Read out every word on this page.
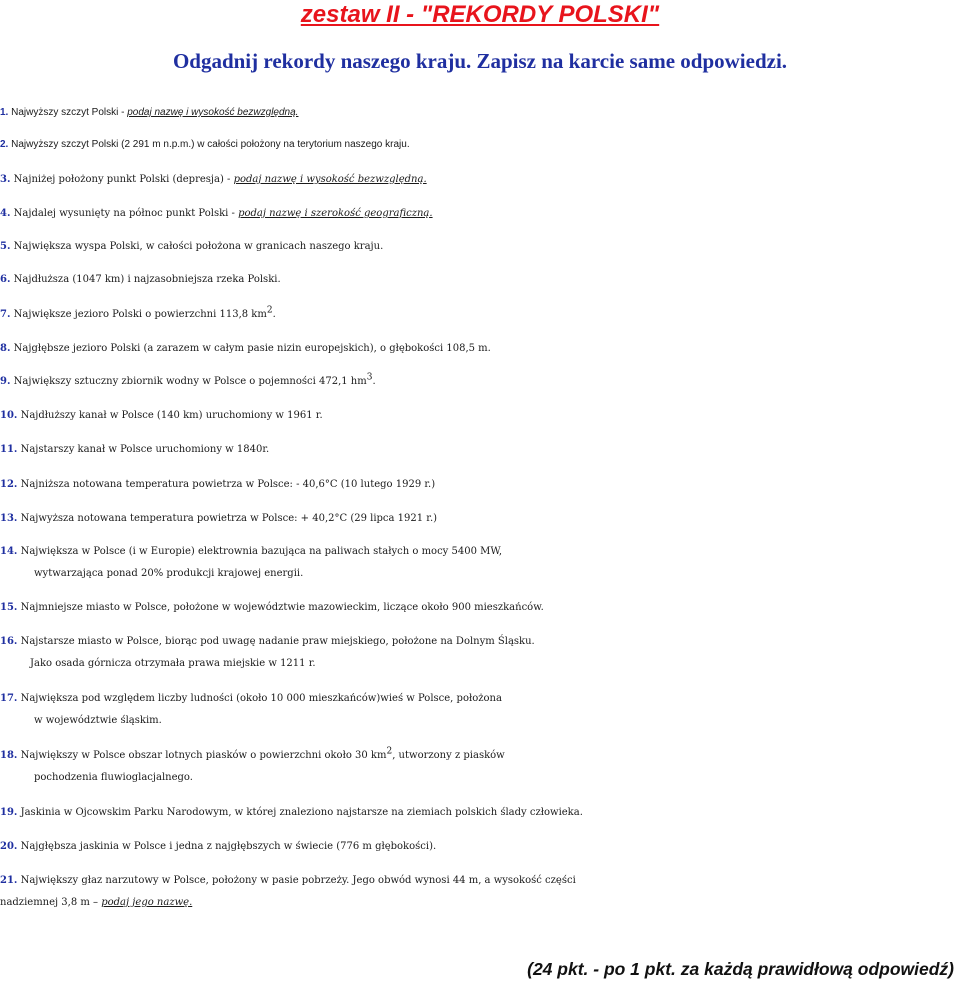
zestaw II - "REKORDY POLSKI"
Odgadnij rekordy naszego kraju. Zapisz na karcie same odpowiedzi.

1. Najwyższy szczyt Polski - podaj nazwę i wysokość bezwzględną.

2. Najwyższy szczyt Polski (2 291 m n.p.m.) w całości położony na terytorium naszego kraju.

3. Najniżej położony punkt Polski (depresja) - podaj nazwę i wysokość bezwzględną.

4. Najdalej wysunięty na północ punkt Polski - podaj nazwę i szerokość geograficzną.

5. Największa wyspa Polski, w całości położona w granicach naszego kraju.

6. Najdłuższa (1047 km) i najzasobniejsza rzeka Polski.

7. Największe jezioro Polski o powierzchni 113,8 $km^2$.

8. Najgłębsze jezioro Polski (a zarazem w całym pasie nizin europejskich), o głębokości 108,5 m.

9. Największy sztuczny zbiornik wodny w Polsce o pojemności 472,1 $hm^3$.

10. Najdłuższy kanał w Polsce (140 km) uruchomiony w 1961 r.

11. Najstarszy kanał w Polsce uruchomiony w 1840r.

12. Najniższa notowana temperatura powietrza w Polsce: - 40,6°C (10 lutego 1929 r.)

13. Najwyższa notowana temperatura powietrza w Polsce: + 40,2°C (29 lipca 1921 r.)

14. Największa w Polsce (i w Europie) elektrownia bazująca na paliwach stałych o mocy 5400 MW,
wytwarzająca ponad 20% produkcji krajowej energii.

15. Najmniejsze miasto w Polsce, położone w województwie mazowieckim, liczące około 900 mieszkańców.

16. Najstarsze miasto w Polsce, biorąc pod uwagę nadanie praw miejskiego, położone na Dolnym Śląsku.
Jako osada górnicza otrzymała prawa miejskie w 1211 r.

17. Największa pod względem liczby ludności (około 10 000 mieszkańców)wieś w Polsce, położona
w województwie śląskim.

18. Największy w Polsce obszar lotnych piasków o powierzchni około 30 $km^2$, utworzony z piasków
pochodzenia fluwioglacjalnego.

19. Jaskinia w Ojcowskim Parku Narodowym, w której znaleziono najstarsze na ziemiach polskich ślady człowieka.

20. Najgłębsza jaskinia w Polsce i jedna z najgłębszych w świecie (776 m głębokości).

21. Największy głaz narzutowy w Polsce, położony w pasie pobrzeży. Jego obwód wynosi 44 m, a wysokość części
nadziemnej 3,8 m – podaj jego nazwę.

(24 pkt. - po 1 pkt. za każdą prawidłową odpowiedź)
